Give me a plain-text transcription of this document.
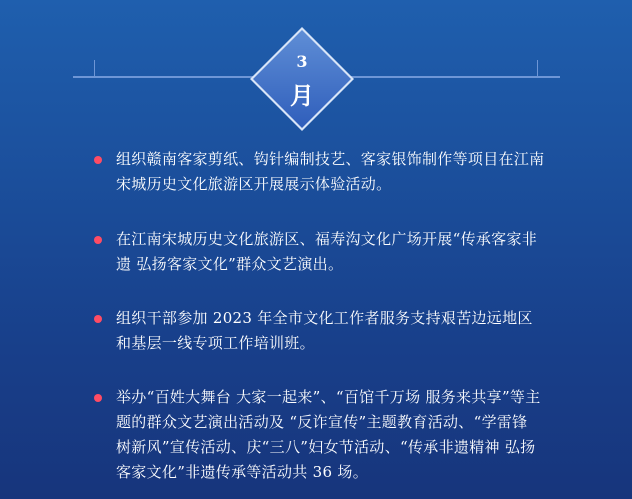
3
月
组织赣南客家剪纸、钩针编制技艺、客家银饰制作等项目在江南宋城历史文化旅游区开展展示体验活动。
在江南宋城历史文化旅游区、福寿沟文化广场开展“传承客家非遗 弘扬客家文化”群众文艺演出。
组织干部参加 2023 年全市文化工作者服务支持艰苦边远地区和基层一线专项工作培训班。
举办“百姓大舞台 大家一起来”、“百馆千万场 服务来共享”等主题的群众文艺演出活动及 “反诈宣传”主题教育活动、“学雷锋 树新风”宣传活动、庆“三八”妇女节活动、“传承非遗精神 弘扬客家文化”非遗传承等活动共 36 场。
